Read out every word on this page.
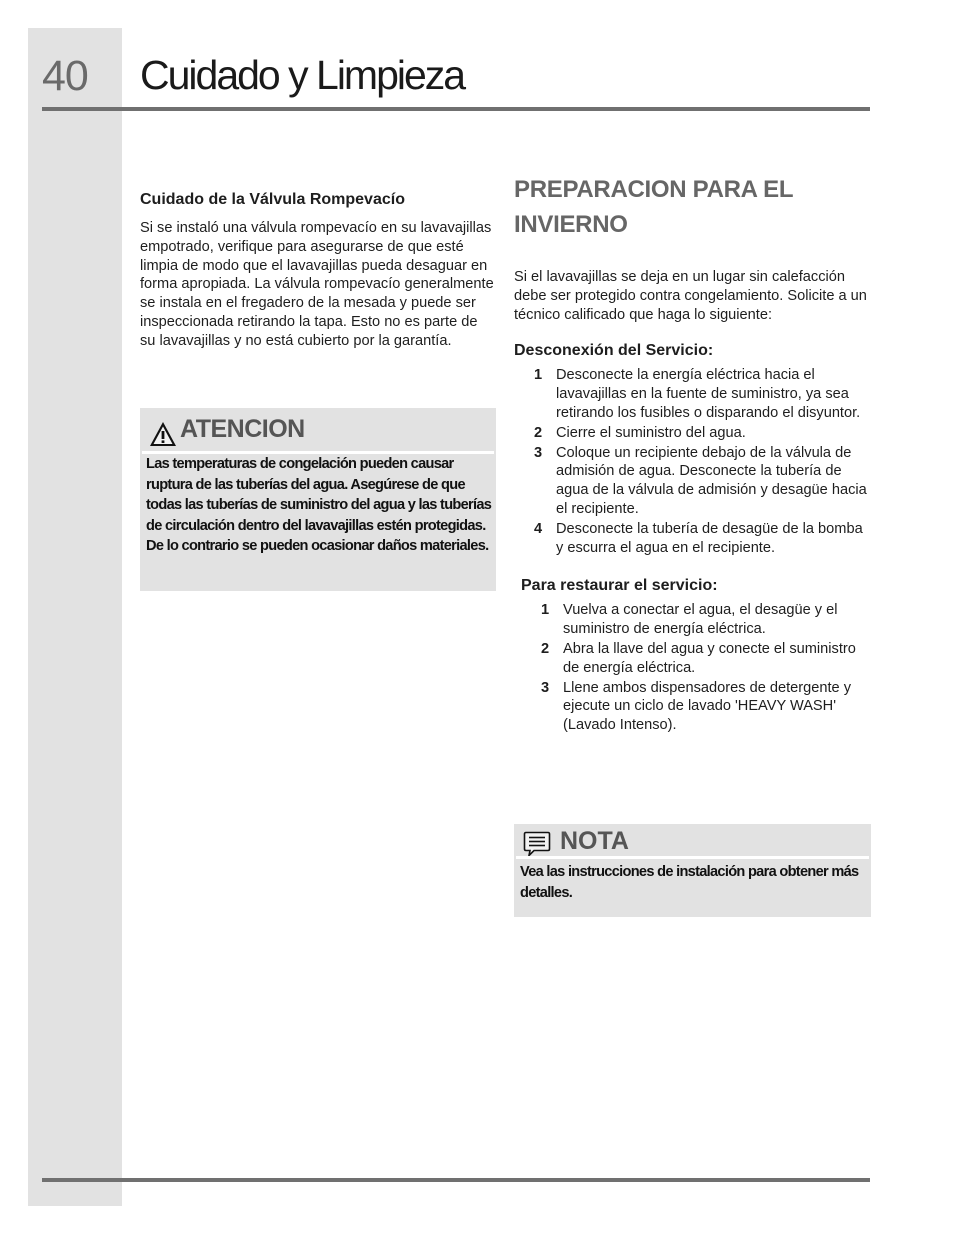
40 Cuidado y Limpieza
Cuidado de la Válvula Rompevacío

Si se instaló una válvula rompevacío en su lavavajillas empotrado, verifique para asegurarse de que esté limpia de modo que el lavavajillas pueda desaguar en forma apropiada. La válvula rompevacío generalmente se instala en el fregadero de la mesada y puede ser inspeccionada retirando la tapa. Esto no es parte de su lavavajillas y no está cubierto por la garantía.

ATENCION

Las temperaturas de congelación pueden causar ruptura de las tuberías del agua. Asegúrese de que todas las tuberías de suministro del agua y las tuberías de circulación dentro del lavavajillas estén protegidas. De lo contrario se pueden ocasionar daños materiales.

PREPARACION PARA EL
INVIERNO

Si el lavavajillas se deja en un lugar sin calefacción debe ser protegido contra congelamiento. Solicite a un técnico calificado que haga lo siguiente:

Desconexión del Servicio:
1 Desconecte la energía eléctrica hacia el lavavajillas en la fuente de suministro, ya sea retirando los fusibles o disparando el disyuntor.
2 Cierre el suministro del agua.
3 Coloque un recipiente debajo de la válvula de admisión de agua. Desconecte la tubería de agua de la válvula de admisión y desagüe hacia el recipiente.
4 Desconecte la tubería de desagüe de la bomba y escurra el agua en el recipiente.
Para restaurar el servicio:
1 Vuelva a conectar el agua, el desagüe y el suministro de energía eléctrica.
2 Abra la llave del agua y conecte el suministro de energía eléctrica.
3 Llene ambos dispensadores de detergente y ejecute un ciclo de lavado 'HEAVY WASH' (Lavado Intenso).
NOTA

Vea las instrucciones de instalación para obtener más detalles.
